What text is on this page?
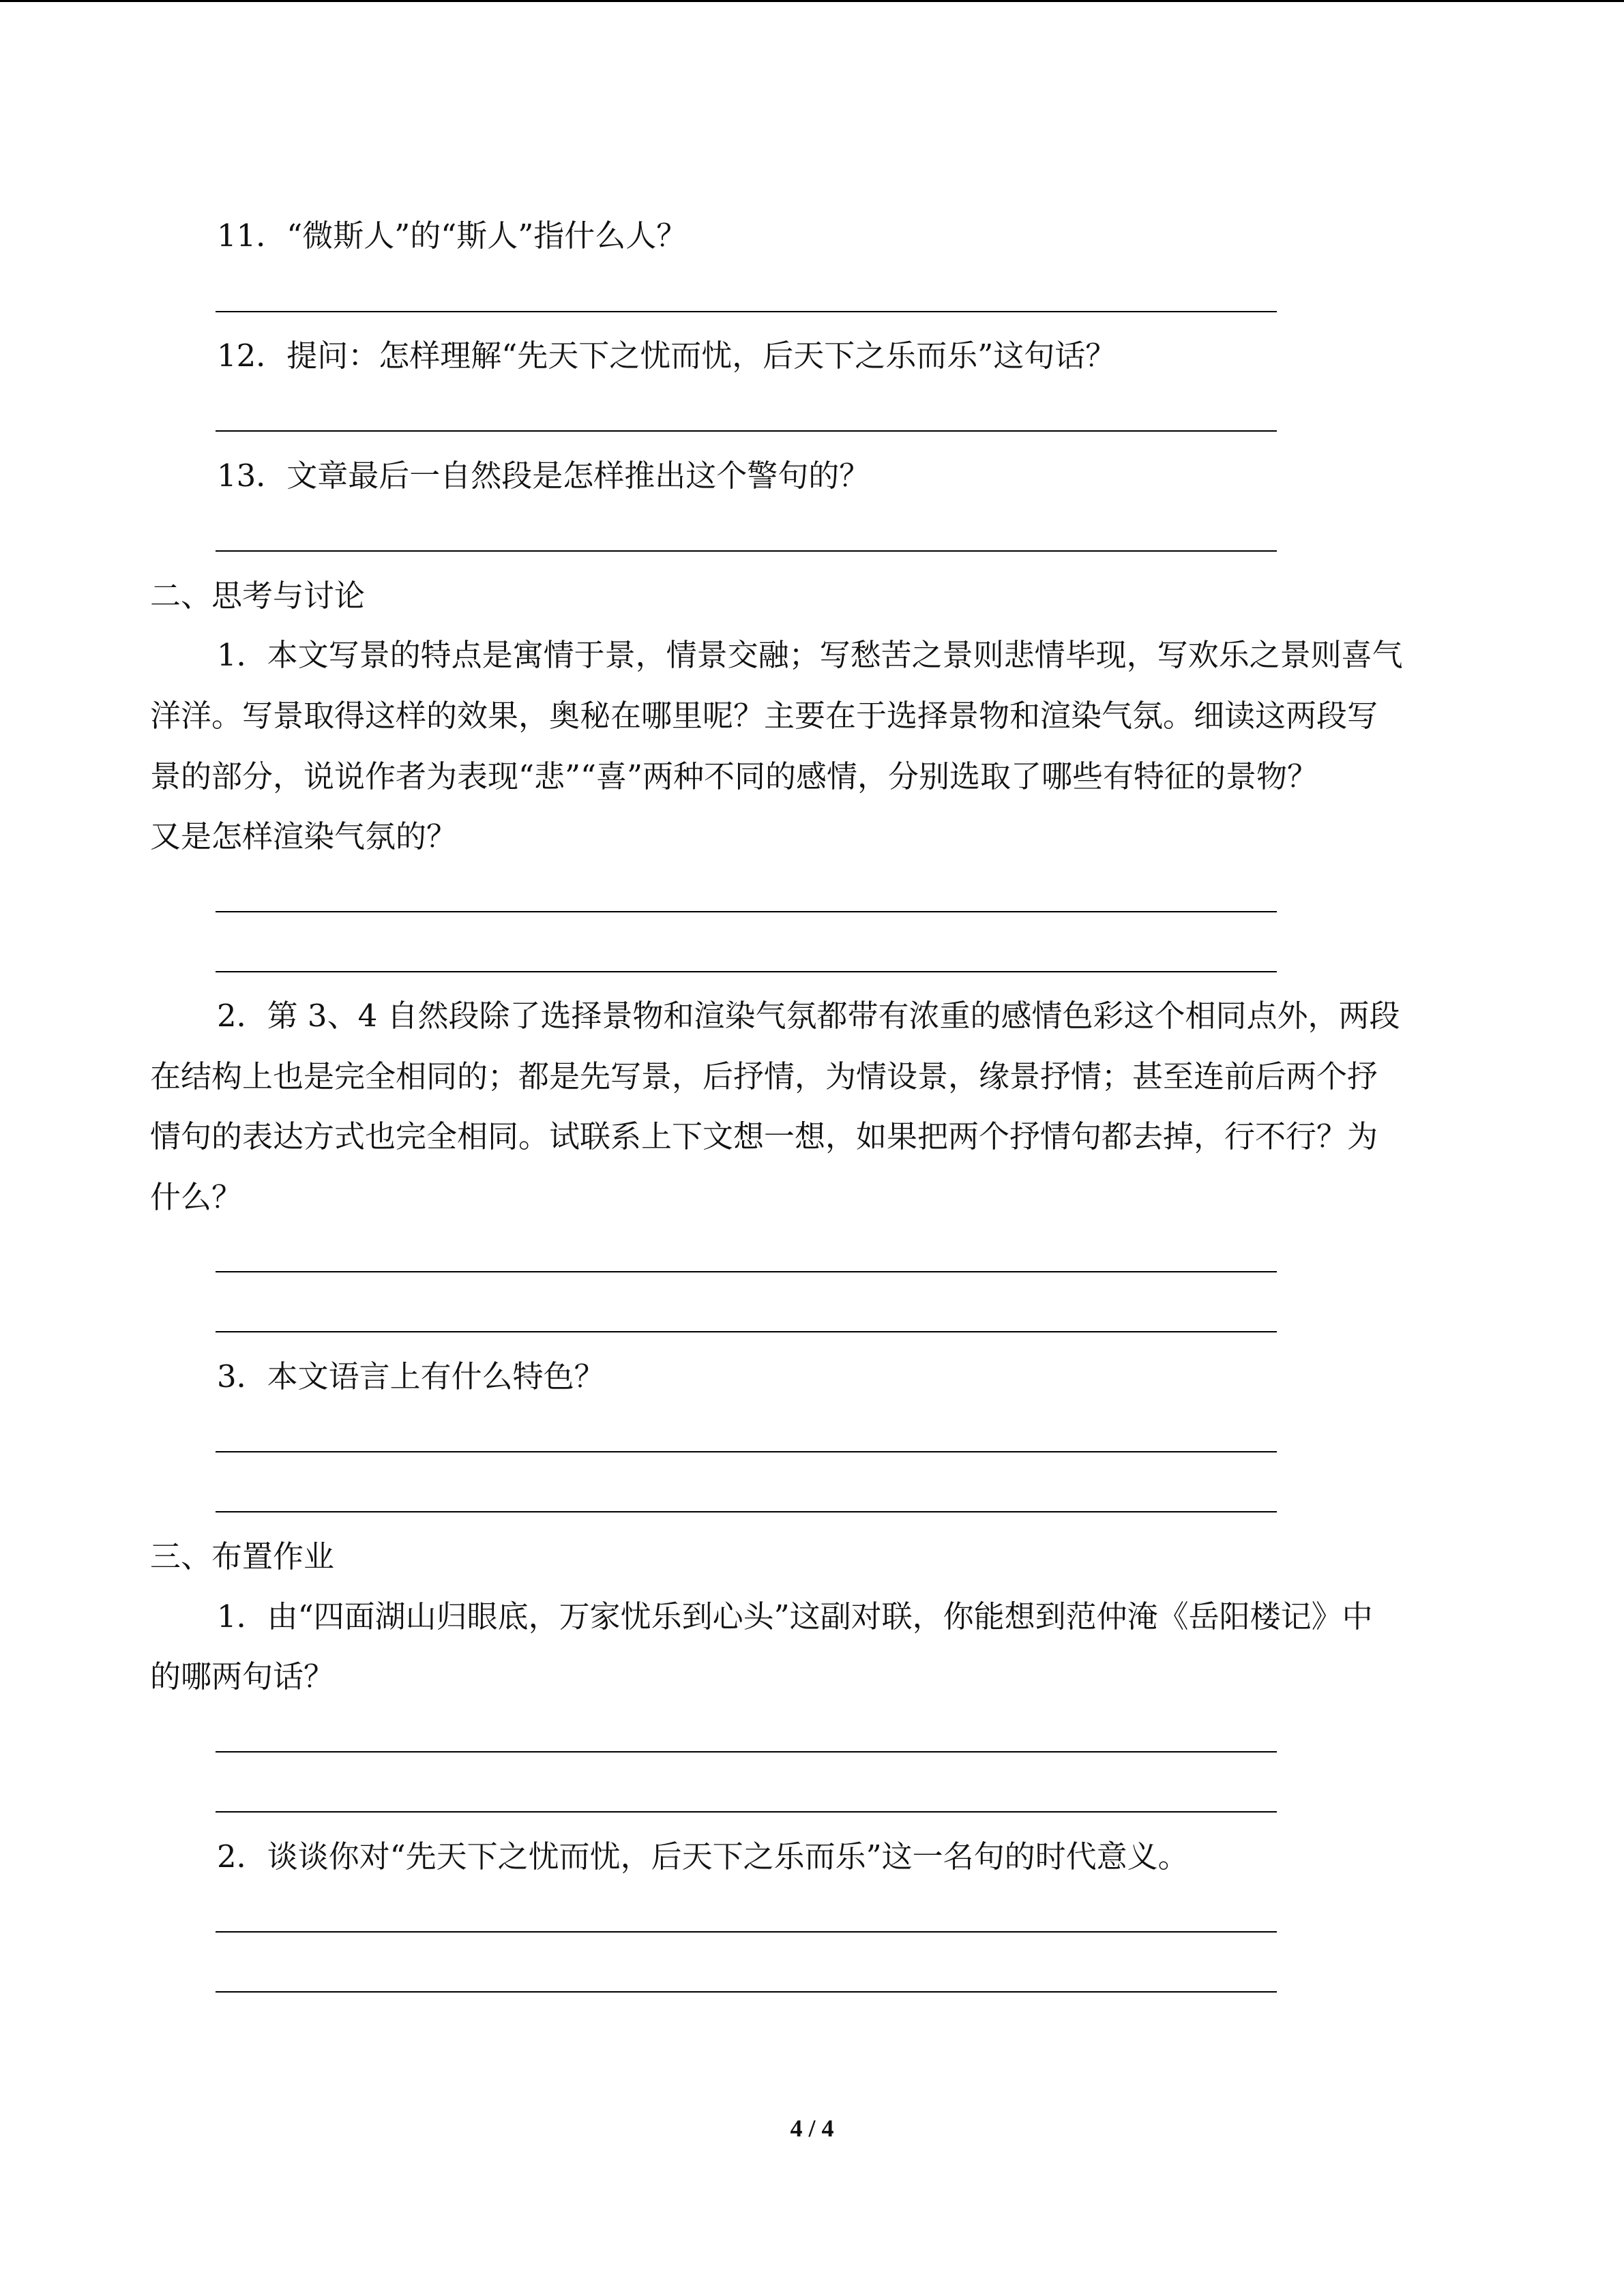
11．“微斯人”的“斯人”指什么人？
12．提问：怎样理解“先天下之忧而忧，后天下之乐而乐”这句话？
13．文章最后一自然段是怎样推出这个警句的？
二、思考与讨论
1．本文写景的特点是寓情于景，情景交融；写愁苦之景则悲情毕现，写欢乐之景则喜气
洋洋。写景取得这样的效果，奥秘在哪里呢？主要在于选择景物和渲染气氛。细读这两段写
景的部分，说说作者为表现“悲”“喜”两种不同的感情，分别选取了哪些有特征的景物？
又是怎样渲染气氛的？
2．第 3、4 自然段除了选择景物和渲染气氛都带有浓重的感情色彩这个相同点外，两段
在结构上也是完全相同的；都是先写景，后抒情，为情设景，缘景抒情；甚至连前后两个抒
情句的表达方式也完全相同。试联系上下文想一想，如果把两个抒情句都去掉，行不行？为
什么？
3．本文语言上有什么特色？
三、布置作业
1．由“四面湖山归眼底，万家忧乐到心头”这副对联，你能想到范仲淹《岳阳楼记》中
的哪两句话？
2．谈谈你对“先天下之忧而忧，后天下之乐而乐”这一名句的时代意义。
4 / 4
